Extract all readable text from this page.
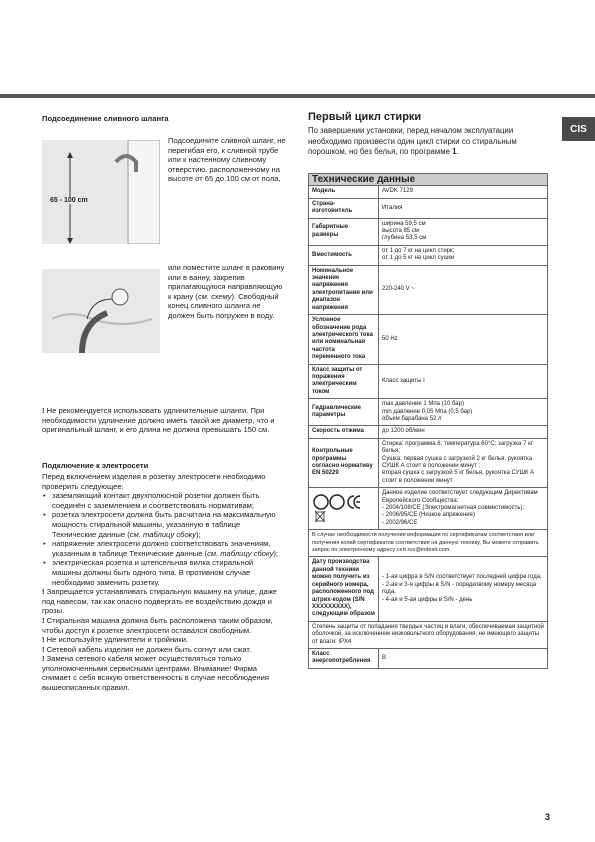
CIS
Подсоединение сливного шланга
65 - 100 cm
Подсоедините сливной шланг, не перегибая его, к сливной трубе или к настенному сливному отверстию, расположенному на высоте от 65 до 100 см от пола,
или поместите шланг в раковину или в ванну, закрепив прилагающуюся направляющую к крану (см. схему). Свободный конец сливного шланга не должен быть погружен в воду.
! Не рекомендуется использовать удлинительные шланги. При необходимости удлинение должно иметь такой же диаметр, что и оригинальный шланг, и его длина не должна превышать 150 см.
Подключение к электросети
Перед включением изделия в розетку электросети необходимо проверить следующее:
• заземляющий контакт двухполюсной розетки должен быть соединён с заземлением и соответствовать нормативам;
• розетка электросети должна быть расчитана на максимальную мощность стиральной машины, указанную в таблице Технические данные (см. таблицу сбоку);
• напряжение электросети должно соответствовать значениям, указанным в таблице Технические данные (см. таблицу сбоку);
• электрическая розетка и штепсельная вилка стиральной машины должны быть одного типа. В противном случае необходимо заменить розетку.
! Запрещается устанавливать стиральную машину на улице, даже под навесом, так как опасно подвергать ее воздействию дождя и грозы.
! Стиральная машина должна быть расположена таким образом, чтобы доступ к розетке электросети оставался свободным.
! Не используйте удлинители и тройники.
! Сетевой кабель изделия не должен быть согнут или сжат.
! Замена сетевого кабеля может осуществляться только уполномоченными сервисными центрами. Внимание! Фирма снимает с себя всякую ответственность в случае несоблюдения вышеописанных правил.
Первый цикл стирки
По завершении установки, перед началом эксплуатации необходимо произвести один цикл стирки со стиральным порошком, но без белья, по программе 1.
Технические данные	
Модель	AVDK 7129
Страна-изготовитель	Италия
Габаритные размеры	ширина 59,5 см
высота 85 см
глубина 53,5 см
Вместимость	от 1 до 7 кг на цикл стирк;
от 1 до 5 кг на цикл сушки
Номинальное значение напряжения электропитания или диапазон напряжения	220-240 V ~
Условное обозначение рода электрического тока или номинальная частота переменного тока	50 Hz
Класс защиты от поражения электрическим током	Класс защиты I
Гидравлические параметры	max давление 1 Мпа (10 бар)
min давление 0,05 Мпа (0,5 бар)
объем барабана 52 л
Скорость отжима	до 1200 об/мин
Контрольные программы согласно нормативу EN 50229	Стирка: программа 6; температура 60°С; загрузка 7 кг белья;
Сушка: первая сушка с загрузкой 2 кг белья, рукоятка СУШК А стоит в положении минут ;
вторая сушка с загрузкой 5 кг белья, рукоятка СУШК А стоит в положении минут
	Данное изделие соответствует следующим Директивам Европейского Сообщества:
- 2004/108/CE (Электромагнитная совместимость);
- 2006/95/CE (Низкое апряжение)
- 2002/96/CE
В случае необходимости получения информации по сертификатам соответствия или получения копий сертификатов соответствия на данную технику, Вы можете отправить запрос по электронному адресу cert.rus@indesit.com.	
Дату производства данной техники можно получить из серийного номера, расположенного под штрих-кодом (S/N XXXXXXXXX), следующим образом	- 1-ая цифра в S/N соответствует последней цифре года,
- 2-ая и 3-я цифры в S/N - порядковому номеру месяца года,
- 4-ая и 5-ая цифры в S/N - день
Степень защиты от попадания твердых частиц и влаги, обеспечиваемая защитной оболочкой, за исключением низковольтного оборудования, не имеющего защиты от влаги: IPX4	
Класс энергопотребления	B
3
